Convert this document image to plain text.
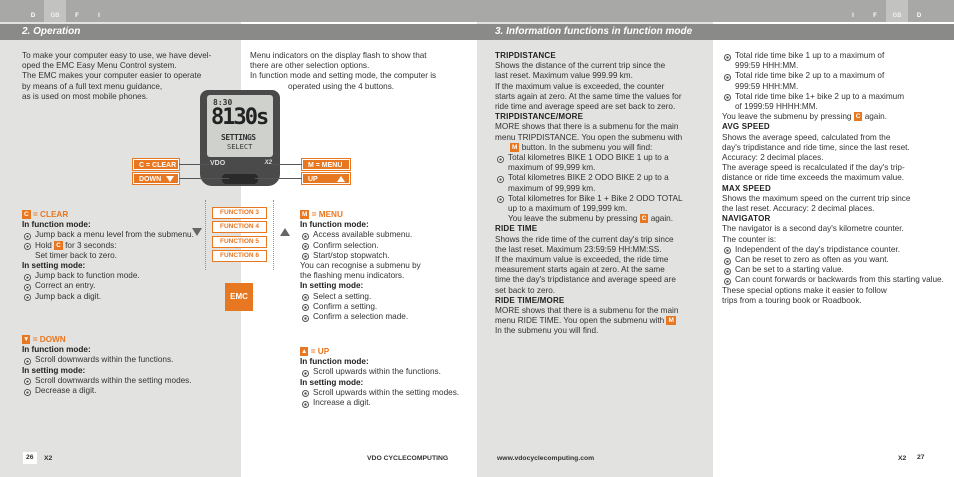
D	GB	F	I	I	F	GB	D
2. Operation	3. Information functions in function mode

To make your computer easy to use, we have devel-

oped the EMC Easy Menu Control system.

The EMC makes your computer easier to operate

by means of a full text menu guidance,

as is used on most mobile phones.

Menu indicators on the display flash to show that

there are other selection options.

In function mode and setting mode, the computer is

operated using the 4 buttons.

8:30
8130s
SETTINGS
SELECT
VDO	X2
C = CLEAR
DOWN
M = MENU
UP
FUNCTION 3
FUNCTION 4
FUNCTION 5
FUNCTION 6
EMC

C = CLEAR

In function mode:

Jump back a menu level from the submenu.

Hold C for 3 seconds:

Set timer back to zero.

In setting mode:

Jump back to function mode.

Correct an entry.

Jump back a digit.

▼ = DOWN

In function mode:

Scroll downwards within the functions.

In setting mode:

Scroll downwards within the setting modes.

Decrease a digit.

M = MENU

In function mode:

Access available submenu.

Confirm selection.

Start/stop stopwatch.

You can recognise a submenu by

the flashing menu indicators.

In setting mode:

Select a setting.

Confirm a setting.

Confirm a selection made.

▲ = UP

In function mode:

Scroll upwards within the functions.

In setting mode:

Scroll upwards within the setting modes.

Increase a digit.

TRIPDISTANCE

Shows the distance of the current trip since the

last reset. Maximum value 999.99 km.

If the maximum value is exceeded, the counter

starts again at zero. At the same time the values for

ride time and average speed are set back to zero.

TRIPDISTANCE/MORE

MORE shows that there is a submenu for the main

menu TRIPDISTANCE. You open the submenu with

M button. In the submenu you will find:

Total kilometres BIKE 1 ODO BIKE 1 up to a

maximum of 99,999 km.

Total kilometres BIKE 2 ODO BIKE 2 up to a

maximum of 99,999 km.

Total kilometres for Bike 1 + Bike 2 ODO TOTAL

up to a maximum of 199,999 km.

You leave the submenu by pressing C again.

RIDE TIME

Shows the ride time of the current day's trip since

the last reset. Maximum 23:59:59 HH:MM:SS.

If the maximum value is exceeded, the ride time

measurement starts again at zero. At the same

time the day's tripdistance and average speed are

set back to zero.

RIDE TIME/MORE

MORE shows that there is a submenu for the main

menu RIDE TIME. You open the submenu with M

In the submenu you will find.

Total ride time bike 1 up to a maximum of

999:59 HHH:MM.

Total ride time bike 2 up to a maximum of

999:59 HHH:MM.

Total ride time bike 1+ bike 2 up to a maximum

of 1999:59 HHHH:MM.

You leave the submenu by pressing C again.

AVG SPEED

Shows the average speed, calculated from the

day's tripdistance and ride time, since the last reset.

Accuracy: 2 decimal places.

The average speed is recalculated if the day's trip-

distance or ride time exceeds the maximum value.

MAX SPEED

Shows the maximum speed on the current trip since

the last reset. Accuracy: 2 decimal places.

NAVIGATOR

The navigator is a second day's kilometre counter.

The counter is:

Independent of the day's tripdistance counter.

Can be reset to zero as often as you want.

Can be set to a starting value.

Can count forwards or backwards from this starting value.

These special options make it easier to follow

trips from a touring book or Roadbook.

26	X2	VDO CYCLECOMPUTING	www.vdocyclecomputing.com	X2	27
